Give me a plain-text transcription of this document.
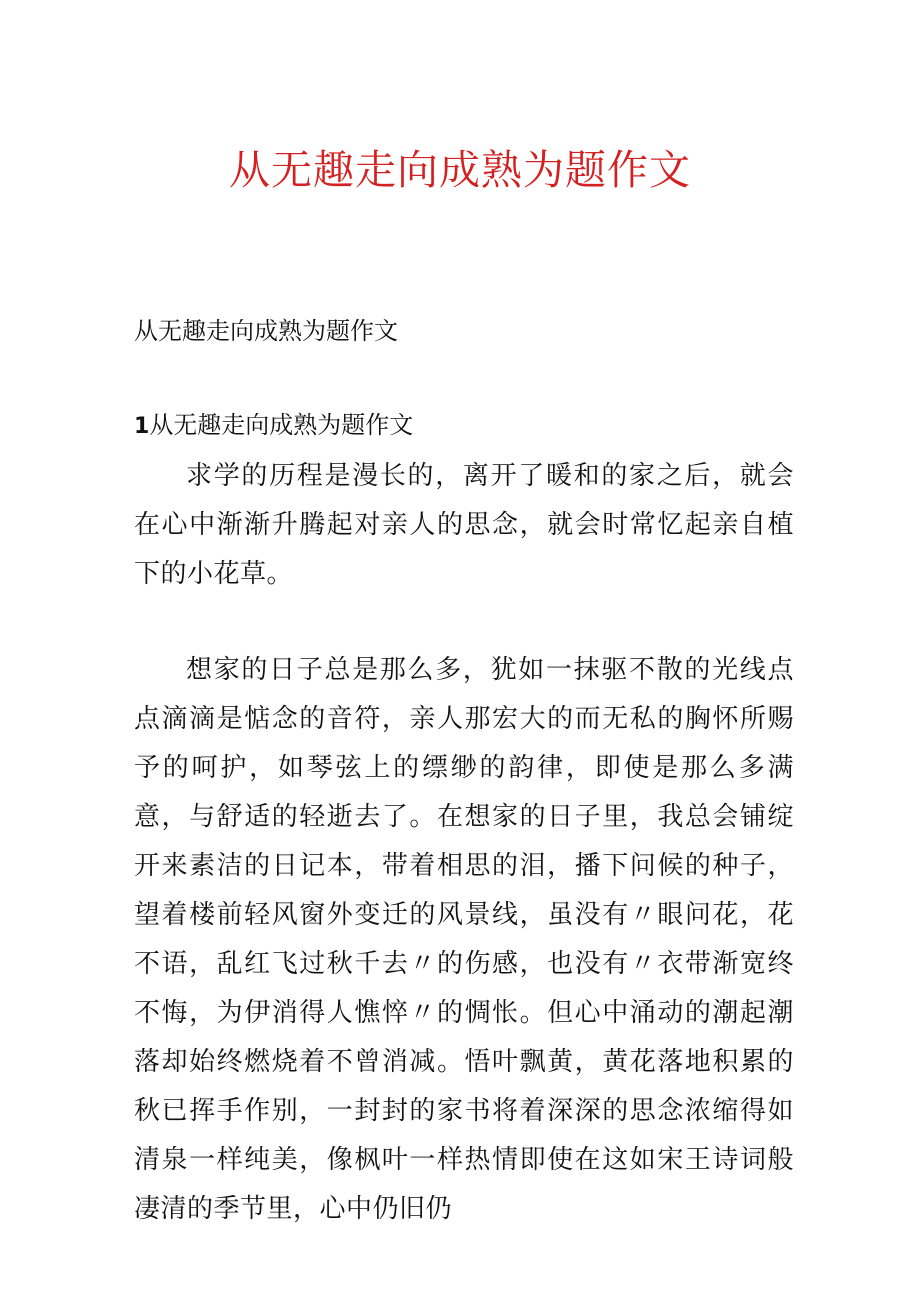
从无趣走向成熟为题作文

从无趣走向成熟为题作文

1从无趣走向成熟为题作文

求学的历程是漫长的，离开了暖和的家之后，就会在心中渐渐升腾起对亲人的思念，就会时常忆起亲自植下的小花草。

想家的日子总是那么多，犹如一抹驱不散的光线点点滴滴是惦念的音符，亲人那宏大的而无私的胸怀所赐予的呵护，如琴弦上的缥缈的韵律，即使是那么多满意，与舒适的轻逝去了。在想家的日子里，我总会铺绽开来素洁的日记本，带着相思的泪，播下问候的种子，望着楼前轻风窗外变迁的风景线，虽没有〃眼问花，花不语，乱红飞过秋千去〃的伤感，也没有〃衣带渐宽终不悔，为伊消得人憔悴〃的惆怅。但心中涌动的潮起潮落却始终燃烧着不曾消减。悟叶飘黄，黄花落地积累的秋已挥手作别，一封封的家书将着深深的思念浓缩得如清泉一样纯美，像枫叶一样热情即使在这如宋王诗词般凄清的季节里，心中仍旧仍
